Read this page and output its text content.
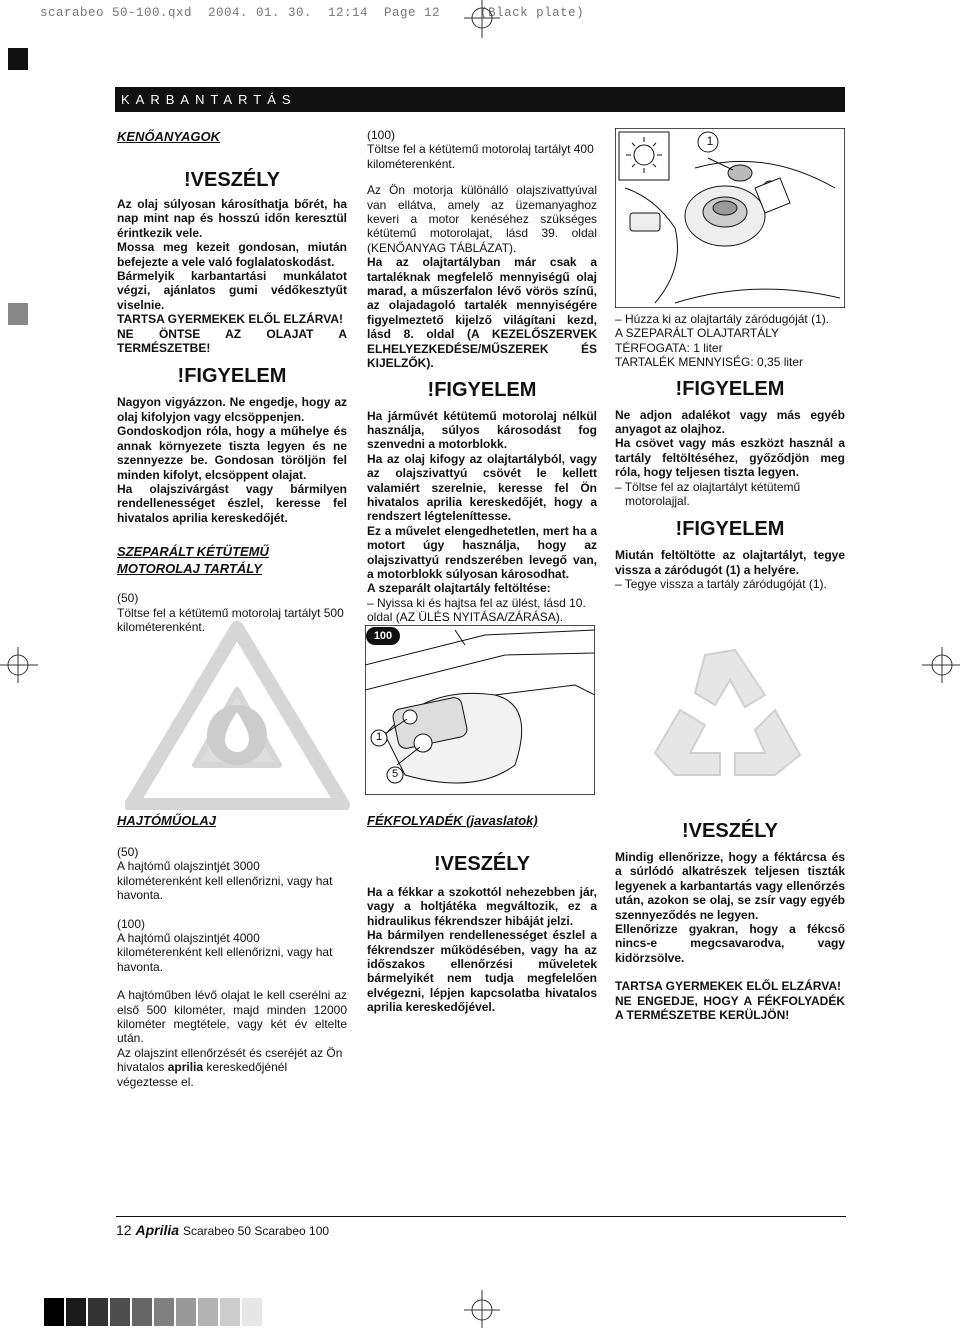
scarabeo 50-100.qxd  2004. 01. 30.  12:14  Page 12     (Black plate)
KARBANTARTÁS

KENŐANYAGOK

!VESZÉLY

Az olaj súlyosan károsíthatja bőrét, ha nap mint nap és hosszú időn keresztül érintkezik vele.

Mossa meg kezeit gondosan, miután befejezte a vele való foglalatoskodást.

Bármelyik karbantartási munkálatot végzi, ajánlatos gumi védőkesztyűt viselnie.

TARTSA GYERMEKEK ELŐL ELZÁRVA!

NE ÖNTSE AZ OLAJAT A TERMÉSZETBE!

!FIGYELEM

Nagyon vigyázzon. Ne engedje, hogy az olaj kifolyjon vagy elcsöppenjen.

Gondoskodjon róla, hogy a műhelye és annak környezete tiszta legyen és ne szennyezze be. Gondosan töröljön fel minden kifolyt, elcsöppent olajat.

Ha olajszivárgást vagy bármilyen rendellenességet észlel, keresse fel hivatalos aprilia kereskedőjét.

SZEPARÁLT KÉTÜTEMŰ

MOTOROLAJ TARTÁLY

(50)

Töltse fel a kétütemű motorolaj tartályt 500 kilométerenként.

(100)

Töltse fel a kétütemű motorolaj tartályt 400 kilométerenként.

Az Ön motorja különálló olajszivattyúval van ellátva, amely az üzemanyaghoz keveri a motor kenéséhez szükséges kétütemű motorolajat, lásd 39. oldal (KENŐANYAG TÁBLÁZAT).

Ha az olajtartályban már csak a tartaléknak megfelelő mennyiségű olaj marad, a műszerfalon lévő vörös színű, az olajadagoló tartalék mennyiségére figyelmeztető kijelző világítani kezd, lásd 8. oldal (A KEZELŐSZERVEK ELHELYEZKEDÉSE/MŰSZEREK ÉS KIJELZŐK).

!FIGYELEM

Ha járművét kétütemű motorolaj nélkül használja, súlyos károsodást fog szenvedni a motorblokk.

Ha az olaj kifogy az olajtartályból, vagy az olajszivattyú csövét le kellett valamiért szerelnie, keresse fel Ön hivatalos aprilia kereskedőjét, hogy a rendszert légteleníttesse.

Ez a művelet elengedhetetlen, mert ha a motort úgy használja, hogy az olajszivattyú rendszerében levegő van, a motorblokk súlyosan károsodhat.

A szeparált olajtartály feltöltése:

– Nyissa ki és hajtsa fel az ülést, lásd 10. oldal (AZ ÜLÉS NYITÁSA/ZÁRÁSA).

1

– Húzza ki az olajtartály záródugóját (1).

A SZEPARÁLT OLAJTARTÁLY TÉRFOGATA: 1 liter

TARTALÉK MENNYISÉG: 0,35 liter

!FIGYELEM

Ne adjon adalékot vagy más egyéb anyagot az olajhoz.

Ha csövet vagy más eszközt használ a tartály feltöltéséhez, győződjön meg róla, hogy teljesen tiszta legyen.

– Töltse fel az olajtartályt kétütemű motorolajjal.

!FIGYELEM

Miután feltöltötte az olajtartályt, tegye vissza a záródugót (1) a helyére.

– Tegye vissza a tartály záródugóját (1).

100
1
5

HAJTÓMŰOLAJ

(50)

A hajtómű olajszintjét 3000 kilométerenként kell ellenőrizni, vagy hat havonta.

(100)

A hajtómű olajszintjét 4000 kilométerenként kell ellenőrizni, vagy hat havonta.

A hajtóműben lévő olajat le kell cserélni az első 500 kilométer, majd minden 12000 kilométer megtétele, vagy két év eltelte után.

Az olajszint ellenőrzését és cseréjét az Ön hivatalos aprilia kereskedőjénél végeztesse el.

FÉKFOLYADÉK (javaslatok)

!VESZÉLY

Ha a fékkar a szokottól nehezebben jár, vagy a holtjátéka megváltozik, ez a hidraulikus fékrendszer hibáját jelzi.

Ha bármilyen rendellenességet észlel a fékrendszer működésében, vagy ha az időszakos ellenőrzési műveletek bármelyikét nem tudja megfelelően elvégezni, lépjen kapcsolatba hivatalos aprilia kereskedőjével.

!VESZÉLY

Mindig ellenőrizze, hogy a féktárcsa és a súrlódó alkatrészek teljesen tiszták legyenek a karbantartás vagy ellenőrzés után, azokon se olaj, se zsír vagy egyéb szennyeződés ne legyen.

Ellenőrizze gyakran, hogy a fékcső nincs-e megcsavarodva, vagy kidörzsölve.

TARTSA GYERMEKEK ELŐL ELZÁRVA!

NE ENGEDJE, HOGY A FÉKFOLYADÉK A TERMÉSZETBE KERÜLJÖN!

12 Aprilia Scarabeo 50 Scarabeo 100
